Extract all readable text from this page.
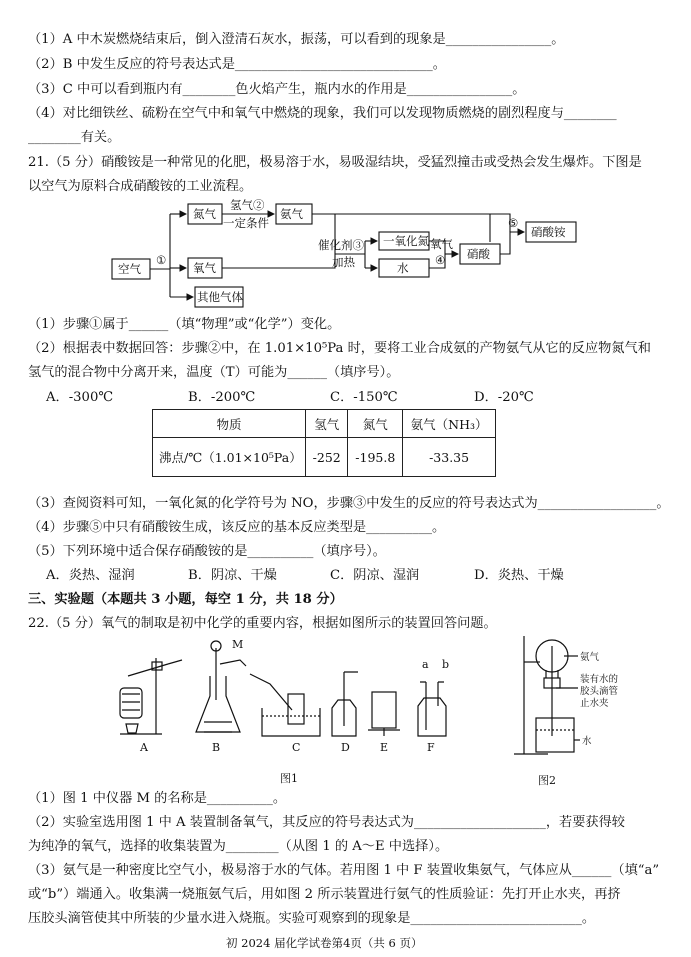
（1）A 中木炭燃烧结束后，倒入澄清石灰水，振荡，可以看到的现象是________________。
（2）B 中发生反应的符号表达式是______________________________。
（3）C 中可以看到瓶内有________色火焰产生，瓶内水的作用是________________。
（4）对比细铁丝、硫粉在空气中和氧气中燃烧的现象，我们可以发现物质燃烧的剧烈程度与________
________有关。
21.（5 分）硝酸铵是一种常见的化肥，极易溶于水，易吸湿结块，受猛烈撞击或受热会发生爆炸。下图是
以空气为原料合成硝酸铵的工业流程。
空气
氮气	氨气
氧气
其他气体
一氧化氮
水
硝酸
硝酸铵
氢气②
一定条件
催化剂③
加热
氧气
①	④
⑤
（1）步骤①属于______（填“物理”或“化学”）变化。
（2）根据表中数据回答：步骤②中，在 1.01×10⁵Pa 时，要将工业合成氨的产物氨气从它的反应物氮气和
氢气的混合物中分离开来，温度（T）可能为______（填序号）。
A．-300℃	B．-200℃	C．-150℃	D．-20℃
物质	氢气	氮气	氨气（NH₃）
沸点/℃（1.01×10⁵Pa）	-252	-195.8	-33.35
（3）查阅资料可知，一氧化氮的化学符号为 NO，步骤③中发生的反应的符号表达式为__________________。
（4）步骤⑤中只有硝酸铵生成，该反应的基本反应类型是__________。
（5）下列环境中适合保存硝酸铵的是__________（填序号）。
A．炎热、湿润	B．阴凉、干燥	C．阴凉、湿润	D．炎热、干燥
三、实验题（本题共 3 小题，每空 1 分，共 18 分）
22.（5 分）氧气的制取是初中化学的重要内容，根据如图所示的装置回答问题。
A	B	C	D	E	F
M
a b
图1
氨气
装有水的
胶头滴管
止水夹
水
图2
（1）图 1 中仪器 M 的名称是__________。
（2）实验室选用图 1 中 A 装置制备氧气，其反应的符号表达式为____________________，若要获得较
为纯净的氧气，选择的收集装置为________（从图 1 的 A～E 中选择）。
（3）氨气是一种密度比空气小，极易溶于水的气体。若用图 1 中 F 装置收集氨气，气体应从______（填“a”
或“b”）端通入。收集满一烧瓶氨气后，用如图 2 所示装置进行氨气的性质验证：先打开止水夹，再挤
压胶头滴管使其中所装的少量水进入烧瓶。实验可观察到的现象是__________________________。
初 2024 届化学试卷第4页（共 6 页）
